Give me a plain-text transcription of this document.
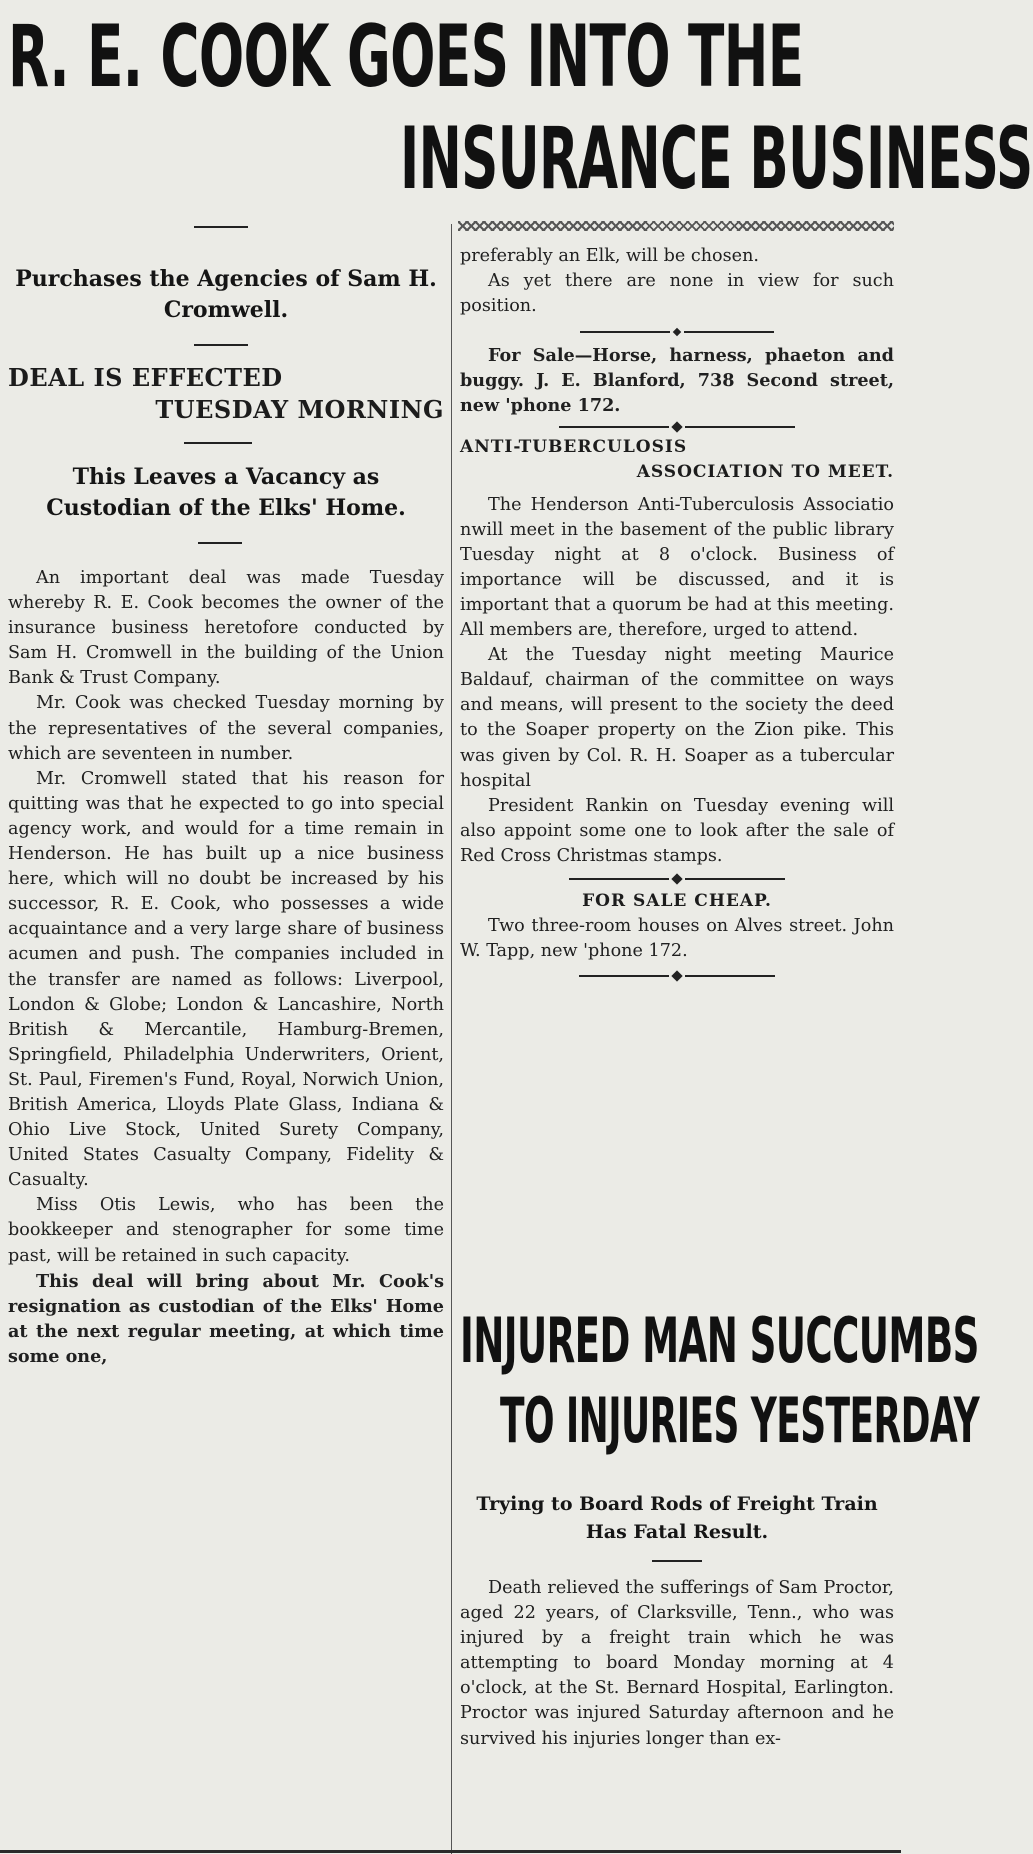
R. E. COOK GOES INTO THE
INSURANCE BUSINESS
Purchases the Agencies of Sam H. Cromwell.
DEAL IS EFFECTED
TUESDAY MORNING
This Leaves a Vacancy as Custodian of the Elks' Home.

An important deal was made Tuesday whereby R. E. Cook becomes the owner of the insurance business heretofore conducted by Sam H. Cromwell in the building of the Union Bank & Trust Company.

Mr. Cook was checked Tuesday morning by the representatives of the several companies, which are seventeen in number.

Mr. Cromwell stated that his reason for quitting was that he expected to go into special agency work, and would for a time remain in Henderson. He has built up a nice business here, which will no doubt be increased by his successor, R. E. Cook, who possesses a wide acquaintance and a very large share of business acumen and push. The companies included in the transfer are named as follows: Liverpool, London & Globe; London & Lancashire, North British & Mercantile, Hamburg-Bremen, Springfield, Philadelphia Underwriters, Orient, St. Paul, Firemen's Fund, Royal, Norwich Union, British America, Lloyds Plate Glass, Indiana & Ohio Live Stock, United Surety Company, United States Casualty Company, Fidelity & Casualty.

Miss Otis Lewis, who has been the bookkeeper and stenographer for some time past, will be retained in such capacity.

This deal will bring about Mr. Cook's resignation as custodian of the Elks' Home at the next regular meeting, at which time some one,

preferably an Elk, will be chosen.

As yet there are none in view for such position.

For Sale—Horse, harness, phaeton and buggy. J. E. Blanford, 738 Second street, new 'phone 172.

ANTI-TUBERCULOSIS
ASSOCIATION TO MEET.

The Henderson Anti-Tuberculosis Associatio nwill meet in the basement of the public library Tuesday night at 8 o'clock. Business of importance will be discussed, and it is important that a quorum be had at this meeting. All members are, therefore, urged to attend.

At the Tuesday night meeting Maurice Baldauf, chairman of the committee on ways and means, will present to the society the deed to the Soaper property on the Zion pike. This was given by Col. R. H. Soaper as a tubercular hospital

President Rankin on Tuesday evening will also appoint some one to look after the sale of Red Cross Christmas stamps.

FOR SALE CHEAP.

Two three-room houses on Alves street. John W. Tapp, new 'phone 172.

INJURED MAN SUCCUMBS
TO INJURIES YESTERDAY
Trying to Board Rods of Freight Train Has Fatal Result.

Death relieved the sufferings of Sam Proctor, aged 22 years, of Clarksville, Tenn., who was injured by a freight train which he was attempting to board Monday morning at 4 o'clock, at the St. Bernard Hospital, Earlington. Proctor was injured Saturday afternoon and he survived his injuries longer than ex-
